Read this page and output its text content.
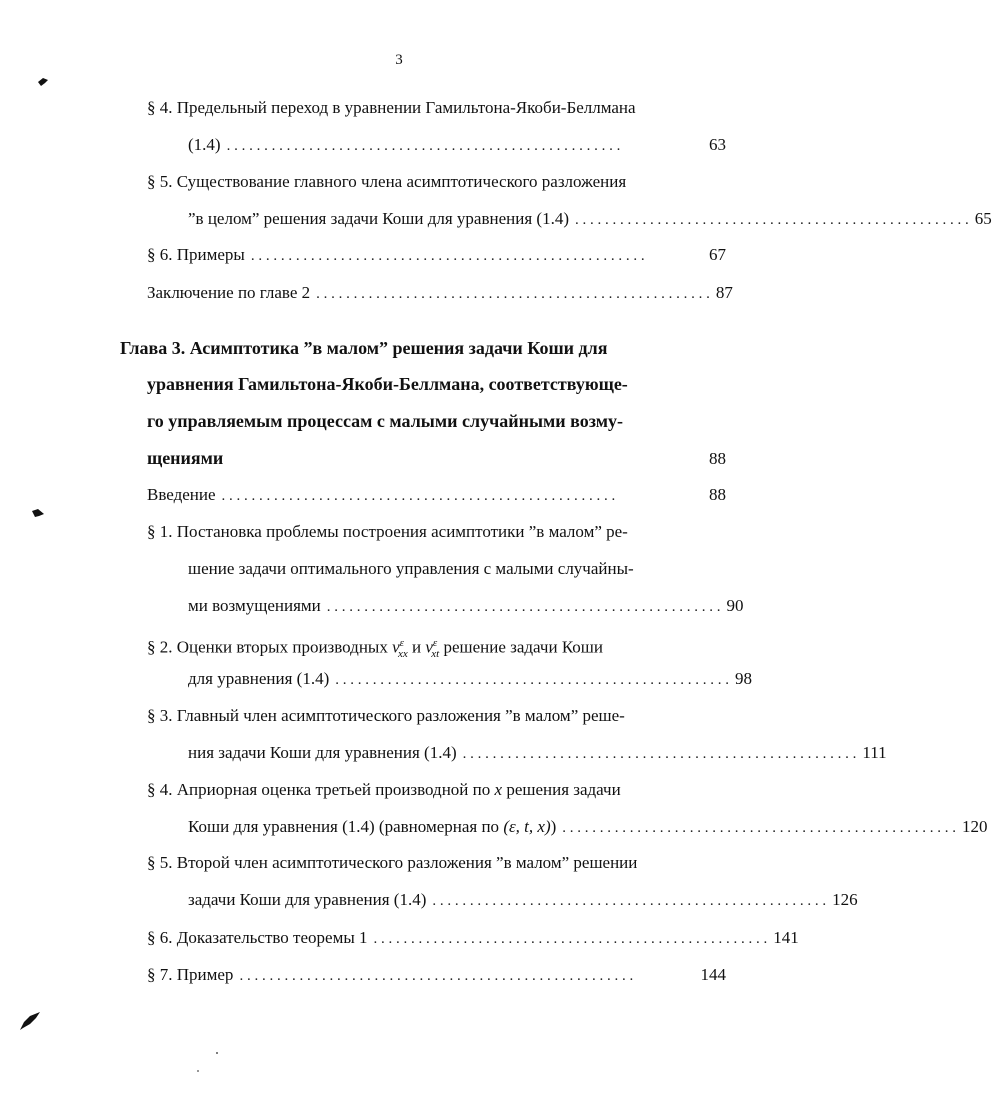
3
§ 4. Предельный переход в уравнении Гамильтона-Якоби-Беллмана
(1.4) . . . . . . . . . . . . . . . . . . . . . . . . . . . . . . . . . . . . . . . . . . . . . . . . . . . . .	63
§ 5. Существование главного члена асимптотического разложения
”в целом” решения задачи Коши для уравнения (1.4) . . . . . . . . . . . . . . . . . . . . . . . . . . . . . . . . . . . . . . . . . . . . . . . . . . . . . 65
§ 6. Примеры . . . . . . . . . . . . . . . . . . . . . . . . . . . . . . . . . . . . . . . . . . . . . . . . . . . . .	67
Заключение по главе 2 . . . . . . . . . . . . . . . . . . . . . . . . . . . . . . . . . . . . . . . . . . . . . . . . . . . . . 87
Глава 3. Асимптотика ”в малом” решения задачи Коши для
уравнения Гамильтона-Якоби-Беллмана, соответствующе-
го управляемым процессам с малыми случайными возму-
щениями	88
Введение . . . . . . . . . . . . . . . . . . . . . . . . . . . . . . . . . . . . . . . . . . . . . . . . . . . . .	88
§ 1. Постановка проблемы построения асимптотики ”в малом” ре-
шение задачи оптимального управления с малыми случайны-
ми возмущениями . . . . . . . . . . . . . . . . . . . . . . . . . . . . . . . . . . . . . . . . . . . . . . . . . . . . . 90
§ 2. Оценки вторых производных $v^\varepsilon_{xx}$ и $v^\varepsilon_{xt}$ решение задачи Коши
для уравнения (1.4) . . . . . . . . . . . . . . . . . . . . . . . . . . . . . . . . . . . . . . . . . . . . . . . . . . . . . 98
§ 3. Главный член асимптотического разложения ”в малом” реше-
ния задачи Коши для уравнения (1.4) . . . . . . . . . . . . . . . . . . . . . . . . . . . . . . . . . . . . . . . . . . . . . . . . . . . . . 111
§ 4. Априорная оценка третьей производной по x решения задачи
Коши для уравнения (1.4) (равномерная по (ε, t, x)) . . . . . . . . . . . . . . . . . . . . . . . . . . . . . . . . . . . . . . . . . . . . . . . . . . . . . 120
§ 5. Второй член асимптотического разложения ”в малом” решении
задачи Коши для уравнения (1.4) . . . . . . . . . . . . . . . . . . . . . . . . . . . . . . . . . . . . . . . . . . . . . . . . . . . . . 126
§ 6. Доказательство теоремы 1 . . . . . . . . . . . . . . . . . . . . . . . . . . . . . . . . . . . . . . . . . . . . . . . . . . . . . 141
§ 7. Пример . . . . . . . . . . . . . . . . . . . . . . . . . . . . . . . . . . . . . . . . . . . . . . . . . . . . .	144
